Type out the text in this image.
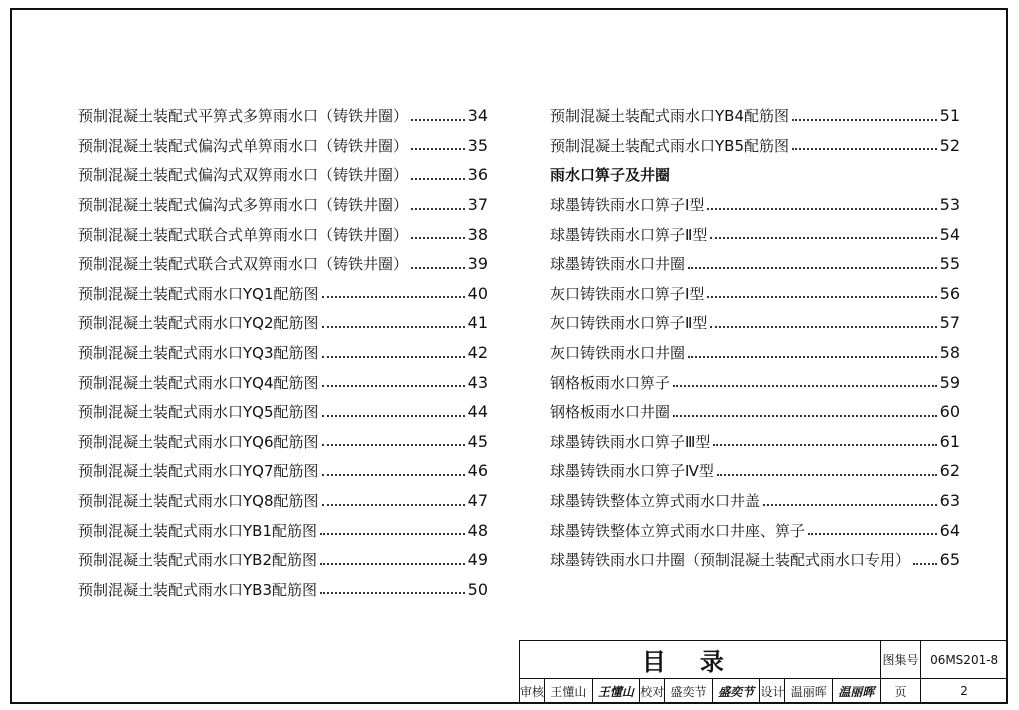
预制混凝土装配式平箅式多箅雨水口（铸铁井圈）	34
预制混凝土装配式偏沟式单箅雨水口（铸铁井圈）	35
预制混凝土装配式偏沟式双箅雨水口（铸铁井圈）	36
预制混凝土装配式偏沟式多箅雨水口（铸铁井圈）	37
预制混凝土装配式联合式单箅雨水口（铸铁井圈）	38
预制混凝土装配式联合式双箅雨水口（铸铁井圈）	39
预制混凝土装配式雨水口YQ1配筋图	40
预制混凝土装配式雨水口YQ2配筋图	41
预制混凝土装配式雨水口YQ3配筋图	42
预制混凝土装配式雨水口YQ4配筋图	43
预制混凝土装配式雨水口YQ5配筋图	44
预制混凝土装配式雨水口YQ6配筋图	45
预制混凝土装配式雨水口YQ7配筋图	46
预制混凝土装配式雨水口YQ8配筋图	47
预制混凝土装配式雨水口YB1配筋图	48
预制混凝土装配式雨水口YB2配筋图	49
预制混凝土装配式雨水口YB3配筋图	50
预制混凝土装配式雨水口YB4配筋图	51
预制混凝土装配式雨水口YB5配筋图	52
雨水口箅子及井圈
球墨铸铁雨水口箅子Ⅰ型	53
球墨铸铁雨水口箅子Ⅱ型	54
球墨铸铁雨水口井圈	55
灰口铸铁雨水口箅子Ⅰ型	56
灰口铸铁雨水口箅子Ⅱ型	57
灰口铸铁雨水口井圈	58
钢格板雨水口箅子	59
钢格板雨水口井圈	60
球墨铸铁雨水口箅子Ⅲ型	61
球墨铸铁雨水口箅子Ⅳ型	62
球墨铸铁整体立箅式雨水口井盖	63
球墨铸铁整体立箅式雨水口井座、箅子	64
球墨铸铁雨水口井圈（预制混凝土装配式雨水口专用） 65
目录									图集号	06MS201-8
审核	王懂山	王懂山	校对	盛奕节	盛奕节	设计	温丽晖	温丽晖	页	2
